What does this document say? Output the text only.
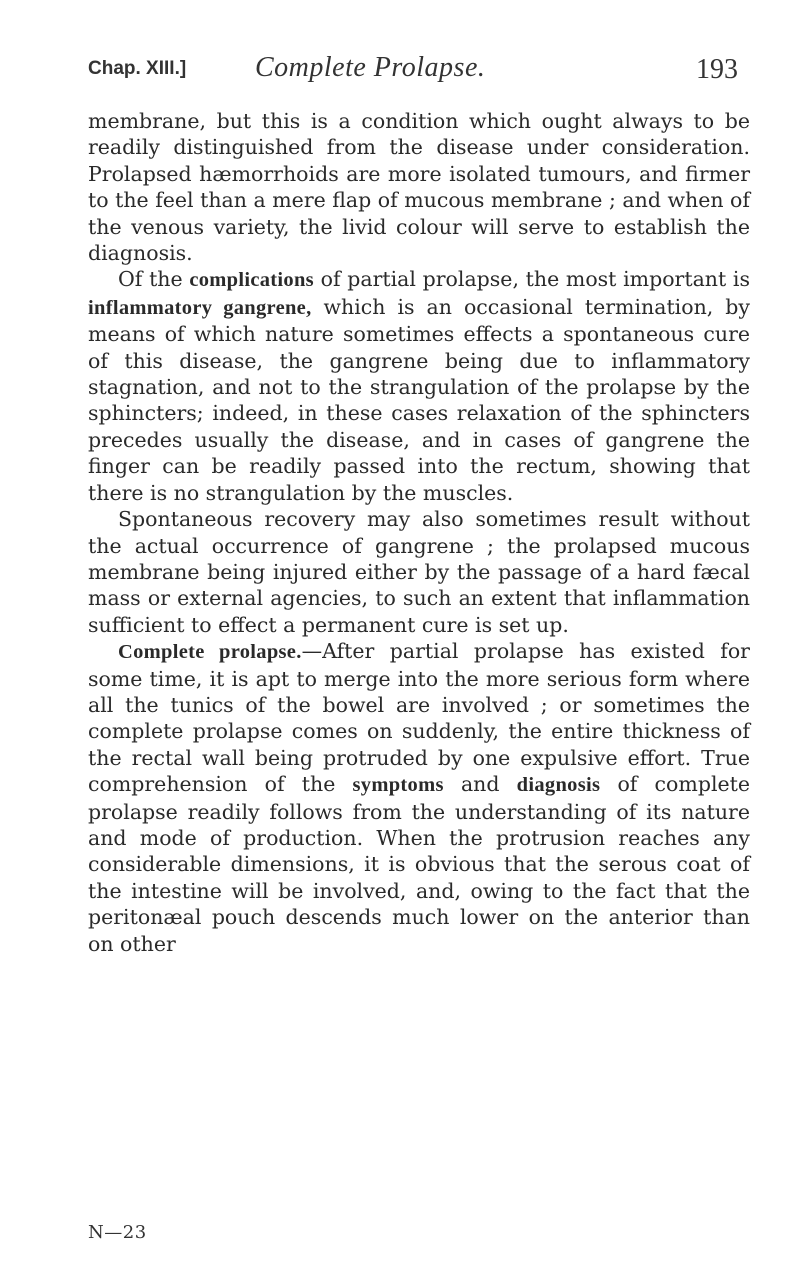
Chap. XIII.] Complete Prolapse.	193

membrane, but this is a condition which ought always to be readily distinguished from the disease under consideration. Prolapsed hæmorrhoids are more isolated tumours, and firmer to the feel than a mere flap of mucous membrane ; and when of the venous variety, the livid colour will serve to establish the diagnosis.

Of the complications of partial prolapse, the most important is inflammatory gangrene, which is an occasional termination, by means of which nature sometimes effects a spontaneous cure of this disease, the gangrene being due to inflammatory stagnation, and not to the strangulation of the prolapse by the sphincters; indeed, in these cases relaxation of the sphincters precedes usually the disease, and in cases of gangrene the finger can be readily passed into the rectum, showing that there is no strangulation by the muscles.

Spontaneous recovery may also sometimes result without the actual occurrence of gangrene ; the prolapsed mucous membrane being injured either by the passage of a hard fæcal mass or external agencies, to such an extent that inflammation sufficient to effect a permanent cure is set up.

Complete prolapse.—After partial prolapse has existed for some time, it is apt to merge into the more serious form where all the tunics of the bowel are involved ; or sometimes the complete prolapse comes on suddenly, the entire thickness of the rectal wall being protruded by one expulsive effort. True comprehension of the symptoms and diagnosis of complete prolapse readily follows from the understanding of its nature and mode of production. When the protrusion reaches any considerable dimensions, it is obvious that the serous coat of the intestine will be involved, and, owing to the fact that the peritonæal pouch descends much lower on the anterior than on other

N—23
